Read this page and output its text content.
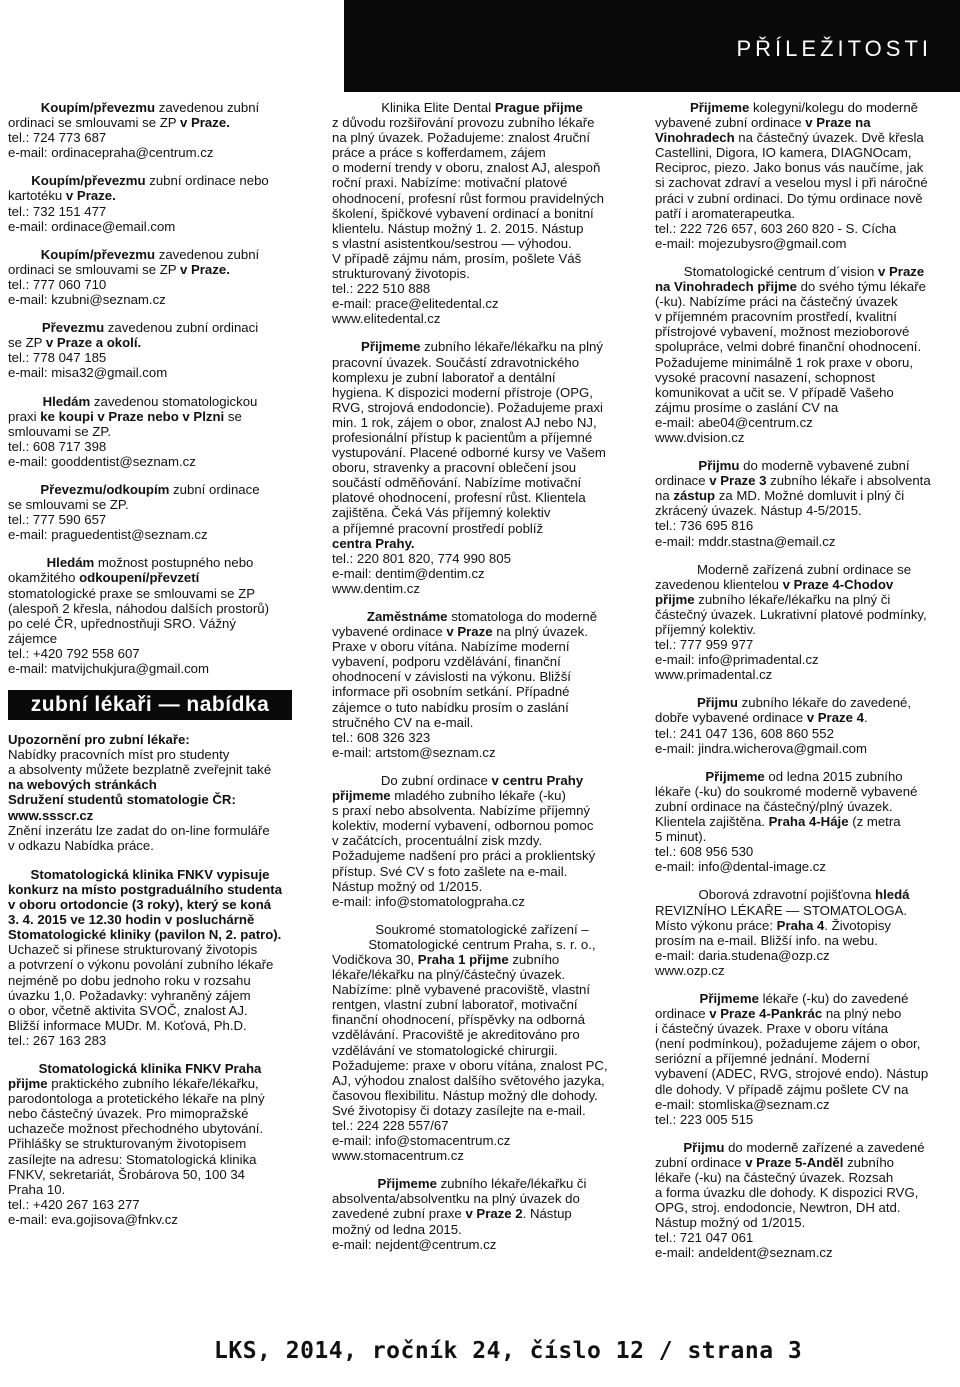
PŘÍLEŽITOSTI

Koupím/převezmu zavedenou zubní

ordinaci se smlouvami se ZP v Praze.

tel.: 724 773 687

e-mail: ordinacepraha@centrum.cz

Koupím/převezmu zubní ordinace nebo

kartotéku v Praze.

tel.: 732 151 477

e-mail: ordinace@email.com

Koupím/převezmu zavedenou zubní

ordinaci se smlouvami se ZP v Praze.

tel.: 777 060 710

e-mail: kzubni@seznam.cz

Převezmu zavedenou zubní ordinaci

se ZP v Praze a okolí.

tel.: 778 047 185

e-mail: misa32@gmail.com

Hledám zavedenou stomatologickou

praxi ke koupi v Praze nebo v Plzni se

smlouvami se ZP.

tel.: 608 717 398

e-mail: gooddentist@seznam.cz

Převezmu/odkoupím zubní ordinace

se smlouvami se ZP.

tel.: 777 590 657

e-mail: praguedentist@seznam.cz

Hledám možnost postupného nebo

okamžitého odkoupení/převzetí

stomatologické praxe se smlouvami se ZP

(alespoň 2 křesla, náhodou dalších prostorů)

po celé ČR, upřednostňuji SRO. Vážný

zájemce

tel.: +420 792 558 607

e-mail: matvijchukjura@gmail.com

zubní lékaři — nabídka

Upozornění pro zubní lékaře:

Nabídky pracovních míst pro studenty

a absolventy můžete bezplatně zveřejnit také

na webových stránkách

Sdružení studentů stomatologie ČR:

www.ssscr.cz

Znění inzerátu lze zadat do on-line formuláře

v odkazu Nabídka práce.

Stomatologická klinika FNKV vypisuje

konkurz na místo postgraduálního studenta

v oboru ortodoncie (3 roky), který se koná

3. 4. 2015 ve 12.30 hodin v posluchárně

Stomatologické kliniky (pavilon N, 2. patro).

Uchazeč si přinese strukturovaný životopis

a potvrzení o výkonu povolání zubního lékaře

nejméně po dobu jednoho roku v rozsahu

úvazku 1,0. Požadavky: vyhraněný zájem

o obor, včetně aktivita SVOČ, znalost AJ.

Bližší informace MUDr. M. Koťová, Ph.D.

tel.: 267 163 283

Stomatologická klinika FNKV Praha

přijme praktického zubního lékaře/lékařku,

parodontologa a protetického lékaře na plný

nebo částečný úvazek. Pro mimopražské

uchazeče možnost přechodného ubytování.

Přihlášky se strukturovaným životopisem

zasílejte na adresu: Stomatologická klinika

FNKV, sekretariát, Šrobárova 50, 100 34

Praha 10.

tel.: +420 267 163 277

e-mail: eva.gojisova@fnkv.cz

Klinika Elite Dental Prague přijme

z důvodu rozšiřování provozu zubního lékaře

na plný úvazek. Požadujeme: znalost 4ruční

práce a práce s kofferdamem, zájem

o moderní trendy v oboru, znalost AJ, alespoň

roční praxi. Nabízíme: motivační platové

ohodnocení, profesní růst formou pravidelných

školení, špičkové vybavení ordinací a bonitní

klientelu. Nástup možný 1. 2. 2015. Nástup

s vlastní asistentkou/sestrou — výhodou.

V případě zájmu nám, prosím, pošlete Váš

strukturovaný životopis.

tel.: 222 510 888

e-mail: prace@elitedental.cz

www.elitedental.cz

Přijmeme zubního lékaře/lékařku na plný

pracovní úvazek. Součástí zdravotnického

komplexu je zubní laboratoř a dentální

hygiena. K dispozici moderní přístroje (OPG,

RVG, strojová endodoncie). Požadujeme praxi

min. 1 rok, zájem o obor, znalost AJ nebo NJ,

profesionální přístup k pacientům a příjemné

vystupování. Placené odborné kursy ve Vašem

oboru, stravenky a pracovní oblečení jsou

součástí odměňování. Nabízíme motivační

platové ohodnocení, profesní růst. Klientela

zajištěna. Čeká Vás příjemný kolektiv

a příjemné pracovní prostředí poblíž

centra Prahy.

tel.: 220 801 820, 774 990 805

e-mail: dentim@dentim.cz

www.dentim.cz

Zaměstnáme stomatologa do moderně

vybavené ordinace v Praze na plný úvazek.

Praxe v oboru vítána. Nabízíme moderní

vybavení, podporu vzdělávání, finanční

ohodnocení v závislosti na výkonu. Bližší

informace při osobním setkání. Případné

zájemce o tuto nabídku prosím o zaslání

stručného CV na e-mail.

tel.: 608 326 323

e-mail: artstom@seznam.cz

Do zubní ordinace v centru Prahy

přijmeme mladého zubního lékaře (-ku)

s praxí nebo absolventa. Nabízíme příjemný

kolektiv, moderní vybavení, odbornou pomoc

v začátcích, procentuální zisk mzdy.

Požadujeme nadšení pro práci a proklientský

přístup. Své CV s foto zašlete na e-mail.

Nástup možný od 1/2015.

e-mail: info@stomatologpraha.cz

Soukromé stomatologické zařízení –

Stomatologické centrum Praha, s. r. o.,

Vodičkova 30, Praha 1 přijme zubního

lékaře/lékařku na plný/částečný úvazek.

Nabízíme: plně vybavené pracoviště, vlastní

rentgen, vlastní zubní laboratoř, motivační

finanční ohodnocení, příspěvky na odborná

vzdělávání. Pracoviště je akreditováno pro

vzdělávání ve stomatologické chirurgii.

Požadujeme: praxe v oboru vítána, znalost PC,

AJ, výhodou znalost dalšího světového jazyka,

časovou flexibilitu. Nástup možný dle dohody.

Své životopisy či dotazy zasílejte na e-mail.

tel.: 224 228 557/67

e-mail: info@stomacentrum.cz

www.stomacentrum.cz

Přijmeme zubního lékaře/lékařku či

absolventa/absolventku na plný úvazek do

zavedené zubní praxe v Praze 2. Nástup

možný od ledna 2015.

e-mail: nejdent@centrum.cz

Přijmeme kolegyni/kolegu do moderně

vybavené zubní ordinace v Praze na

Vinohradech na částečný úvazek. Dvě křesla

Castellini, Digora, IO kamera, DIAGNOcam,

Reciproc, piezo. Jako bonus vás naučíme, jak

si zachovat zdraví a veselou mysl i při náročné

práci v zubní ordinaci. Do týmu ordinace nově

patří i aromaterapeutka.

tel.: 222 726 657, 603 260 820 - S. Cícha

e-mail: mojezubysro@gmail.com

Stomatologické centrum d´vision v Praze

na Vinohradech přijme do svého týmu lékaře

(-ku). Nabízíme práci na částečný úvazek

v příjemném pracovním prostředí, kvalitní

přístrojové vybavení, možnost mezioborové

spolupráce, velmi dobré finanční ohodnocení.

Požadujeme minimálně 1 rok praxe v oboru,

vysoké pracovní nasazení, schopnost

komunikovat a učit se. V případě Vašeho

zájmu prosíme o zaslání CV na

e-mail: abe04@centrum.cz

www.dvision.cz

Přijmu do moderně vybavené zubní

ordinace v Praze 3 zubního lékaře i absolventa

na zástup za MD. Možné domluvit i plný či

zkrácený úvazek. Nástup 4-5/2015.

tel.: 736 695 816

e-mail: mddr.stastna@email.cz

Moderně zařízená zubní ordinace se

zavedenou klientelou v Praze 4-Chodov

přijme zubního lékaře/lékařku na plný či

částečný úvazek. Lukrativní platové podmínky,

příjemný kolektiv.

tel.: 777 959 977

e-mail: info@primadental.cz

www.primadental.cz

Přijmu zubního lékaře do zavedené,

dobře vybavené ordinace v Praze 4.

tel.: 241 047 136, 608 860 552

e-mail: jindra.wicherova@gmail.com

Přijmeme od ledna 2015 zubního

lékaře (-ku) do soukromé moderně vybavené

zubní ordinace na částečný/plný úvazek.

Klientela zajištěna. Praha 4-Háje (z metra

5 minut).

tel.: 608 956 530

e-mail: info@dental-image.cz

Oborová zdravotní pojišťovna hledá

REVIZNÍHO LÉKAŘE — STOMATOLOGA.

Místo výkonu práce: Praha 4. Životopisy

prosím na e-mail. Bližší info. na webu.

e-mail: daria.studena@ozp.cz

www.ozp.cz

Přijmeme lékaře (-ku) do zavedené

ordinace v Praze 4-Pankrác na plný nebo

i částečný úvazek. Praxe v oboru vítána

(není podmínkou), požadujeme zájem o obor,

seriózní a příjemné jednání. Moderní

vybavení (ADEC, RVG, strojové endo). Nástup

dle dohody. V případě zájmu pošlete CV na

e-mail: stomliska@seznam.cz

tel.: 223 005 515

Přijmu do moderně zařízené a zavedené

zubní ordinace v Praze 5-Anděl zubního

lékaře (-ku) na částečný úvazek. Rozsah

a forma úvazku dle dohody. K dispozici RVG,

OPG, stroj. endodoncie, Newtron, DH atd.

Nástup možný od 1/2015.

tel.: 721 047 061

e-mail: andeldent@seznam.cz

LKS, 2014, ročník 24, číslo 12 / strana 3
